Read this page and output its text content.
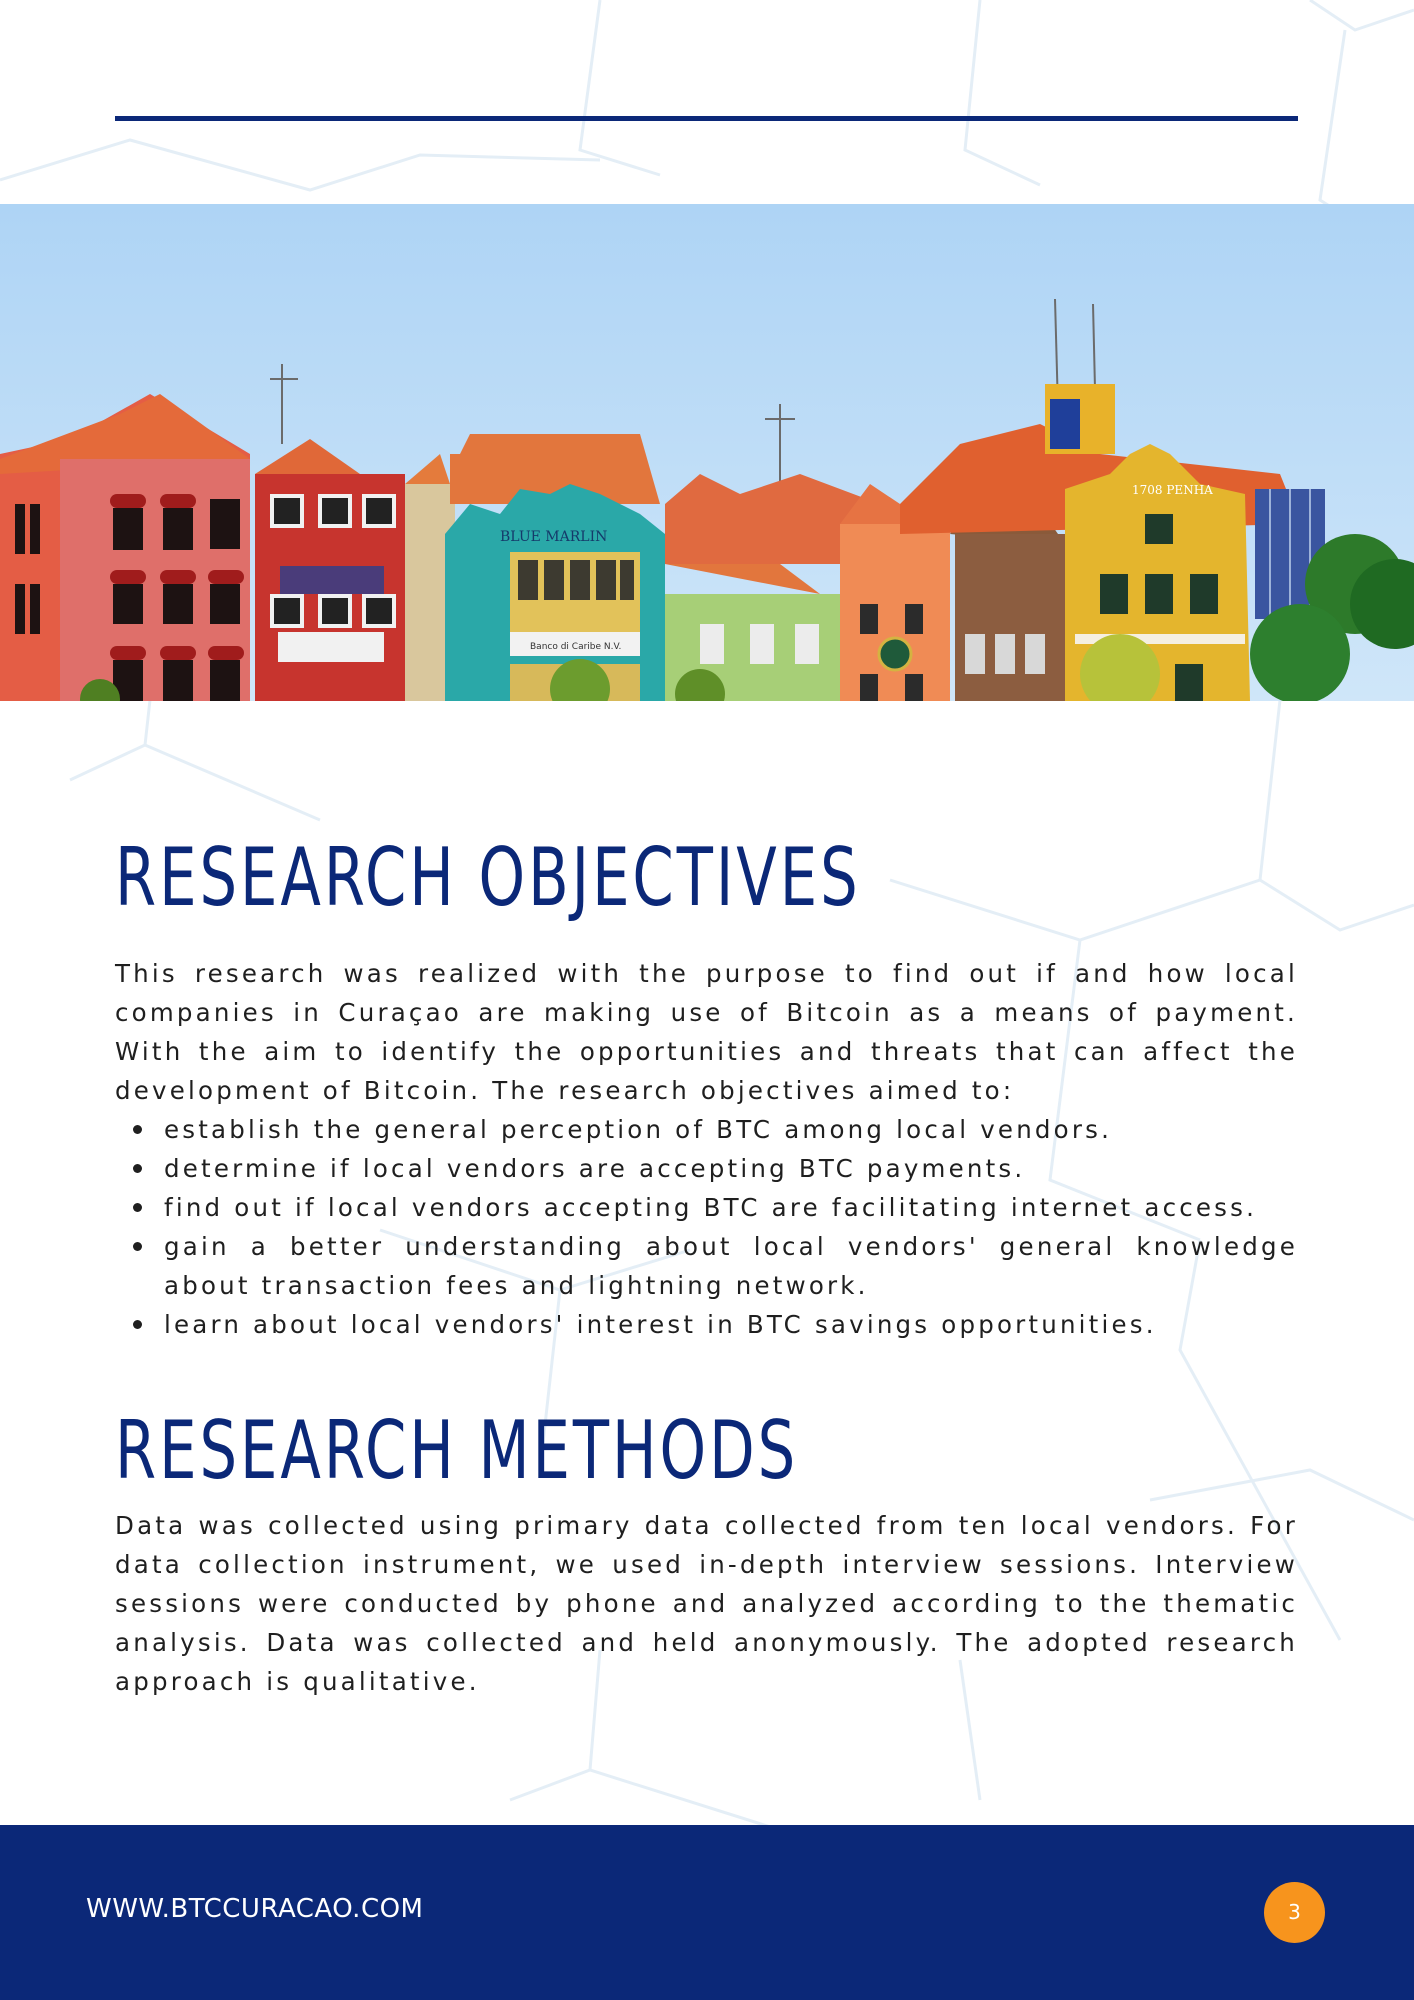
BLUE MARLIN
Banco di Caribe N.V.
1708 PENHA
RESEARCH OBJECTIVES

This research was realized with the purpose to find out if and how local companies in Curaçao are making use of Bitcoin as a means of payment. With the aim to identify the opportunities and threats that can affect the development of Bitcoin. The research objectives aimed to:

establish the general perception of BTC among local vendors.
determine if local vendors are accepting BTC payments.
find out if local vendors accepting BTC are facilitating internet access.
gain a better understanding about local vendors' general knowledge about transaction fees and lightning network.
learn about local vendors' interest in BTC savings opportunities.
RESEARCH METHODS

Data was collected using primary data collected from ten local vendors. For data collection instrument, we used in-depth interview sessions. Interview sessions were conducted by phone and analyzed according to the thematic analysis. Data was collected and held anonymously. The adopted research approach is qualitative.

WWW.BTCCURACAO.COM	3
